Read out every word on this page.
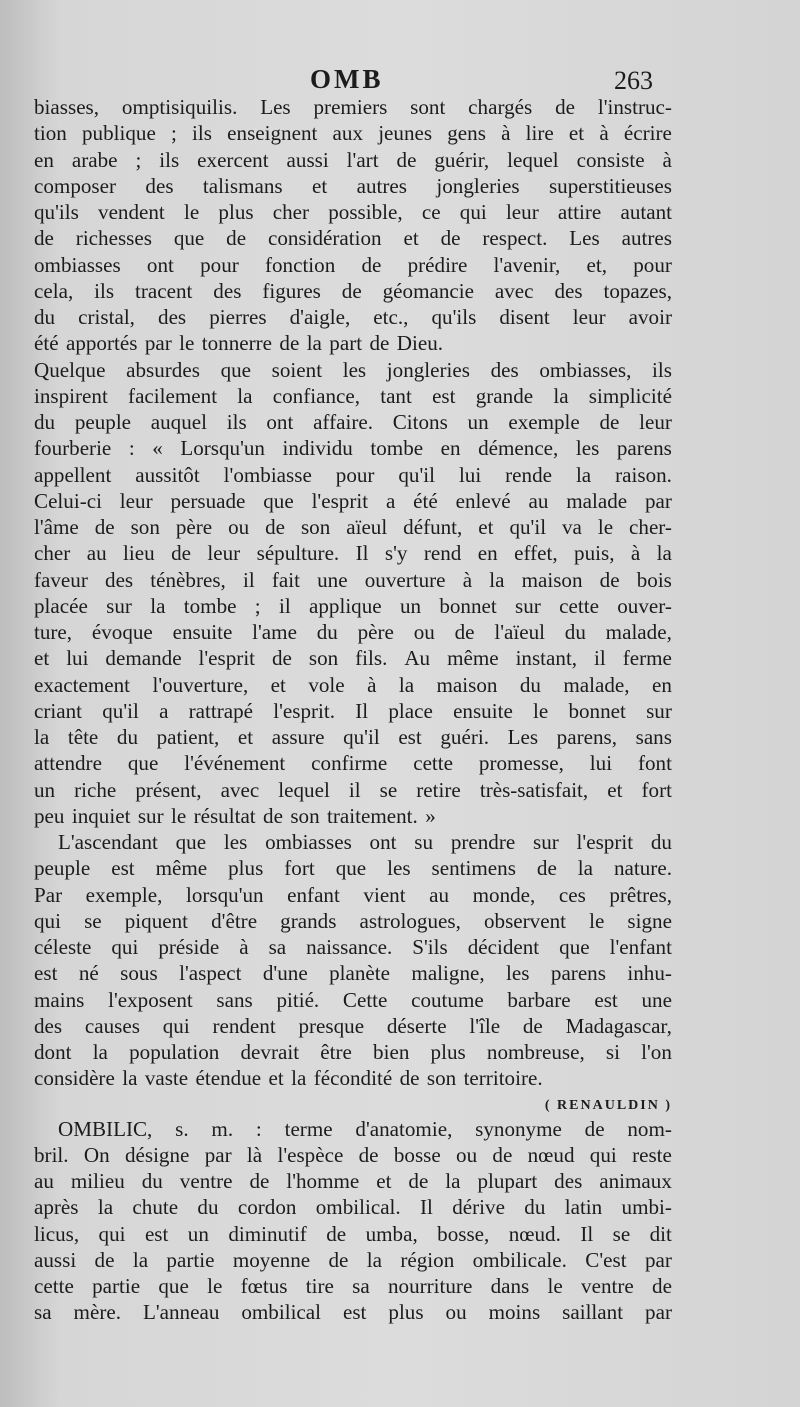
OMB	263
biasses, omptisiquilis. Les premiers sont chargés de l'instruc-
tion publique ; ils enseignent aux jeunes gens à lire et à écrire
en arabe ; ils exercent aussi l'art de guérir, lequel consiste à
composer des talismans et autres jongleries superstitieuses
qu'ils vendent le plus cher possible, ce qui leur attire autant
de richesses que de considération et de respect. Les autres
ombiasses ont pour fonction de prédire l'avenir, et, pour
cela, ils tracent des figures de géomancie avec des topazes,
du cristal, des pierres d'aigle, etc., qu'ils disent leur avoir
été apportés par le tonnerre de la part de Dieu.
Quelque absurdes que soient les jongleries des ombiasses, ils
inspirent facilement la confiance, tant est grande la simplicité
du peuple auquel ils ont affaire. Citons un exemple de leur
fourberie : « Lorsqu'un individu tombe en démence, les parens
appellent aussitôt l'ombiasse pour qu'il lui rende la raison.
Celui-ci leur persuade que l'esprit a été enlevé au malade par
l'âme de son père ou de son aïeul défunt, et qu'il va le cher-
cher au lieu de leur sépulture. Il s'y rend en effet, puis, à la
faveur des ténèbres, il fait une ouverture à la maison de bois
placée sur la tombe ; il applique un bonnet sur cette ouver-
ture, évoque ensuite l'ame du père ou de l'aïeul du malade,
et lui demande l'esprit de son fils. Au même instant, il ferme
exactement l'ouverture, et vole à la maison du malade, en
criant qu'il a rattrapé l'esprit. Il place ensuite le bonnet sur
la tête du patient, et assure qu'il est guéri. Les parens, sans
attendre que l'événement confirme cette promesse, lui font
un riche présent, avec lequel il se retire très-satisfait, et fort
peu inquiet sur le résultat de son traitement. »
L'ascendant que les ombiasses ont su prendre sur l'esprit du
peuple est même plus fort que les sentimens de la nature.
Par exemple, lorsqu'un enfant vient au monde, ces prêtres,
qui se piquent d'être grands astrologues, observent le signe
céleste qui préside à sa naissance. S'ils décident que l'enfant
est né sous l'aspect d'une planète maligne, les parens inhu-
mains l'exposent sans pitié. Cette coutume barbare est une
des causes qui rendent presque déserte l'île de Madagascar,
dont la population devrait être bien plus nombreuse, si l'on
considère la vaste étendue et la fécondité de son territoire.
( RENAULDIN )
OMBILIC, s. m. : terme d'anatomie, synonyme de nom-
bril. On désigne par là l'espèce de bosse ou de nœud qui reste
au milieu du ventre de l'homme et de la plupart des animaux
après la chute du cordon ombilical. Il dérive du latin umbi-
licus, qui est un diminutif de umba, bosse, nœud. Il se dit
aussi de la partie moyenne de la région ombilicale. C'est par
cette partie que le fœtus tire sa nourriture dans le ventre de
sa mère. L'anneau ombilical est plus ou moins saillant par
